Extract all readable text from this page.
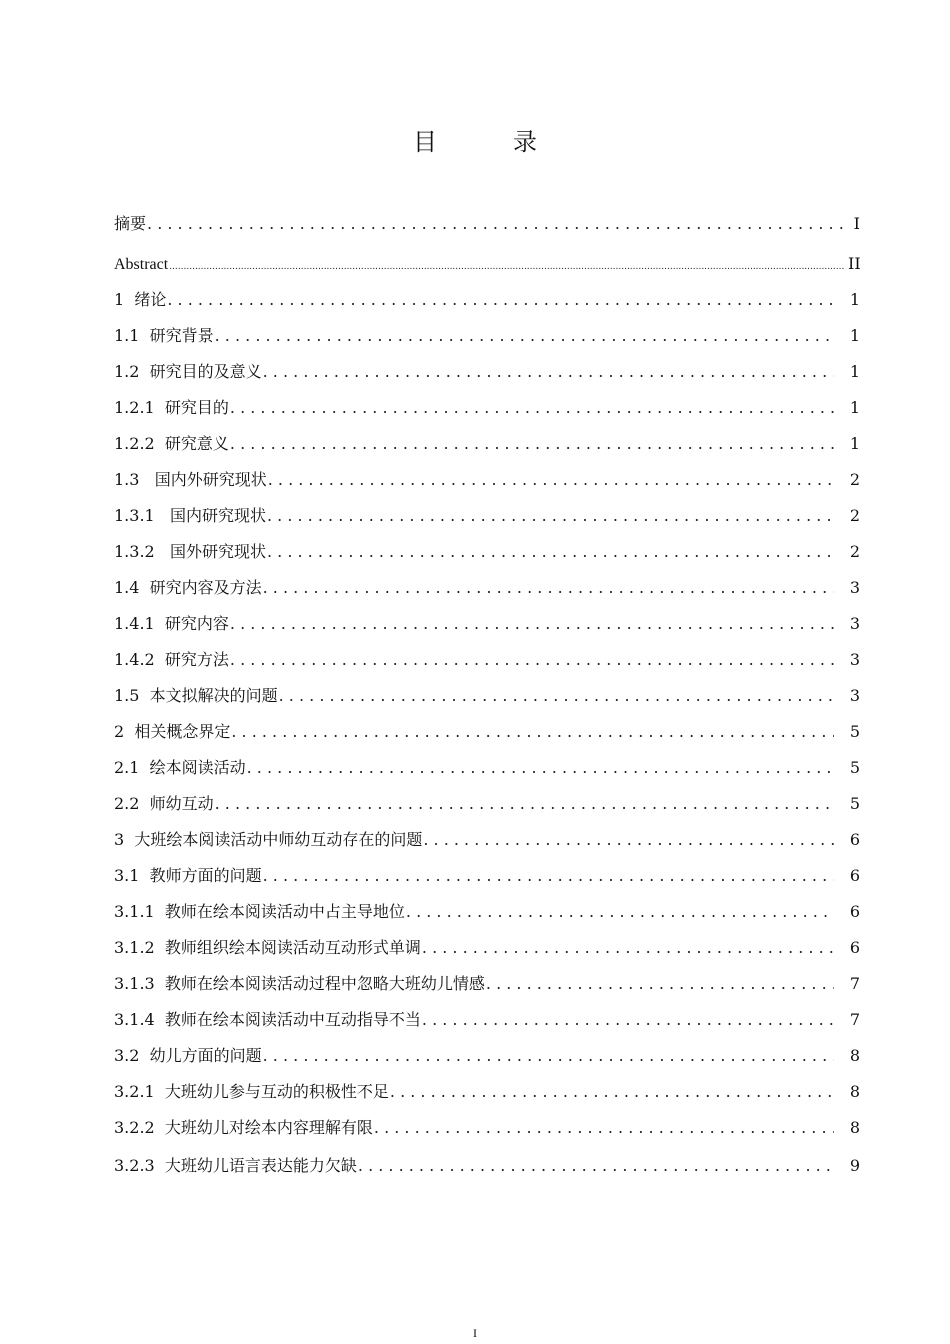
目　录
摘要 . . .	I
Abstract .....	II
1  绪论 . . .	1
1.1  研究背景 . . .	1
1.2  研究目的及意义 . . .	1
1.2.1  研究目的 . . .	1
1.2.2  研究意义 . . .	1
1.3   国内外研究现状 . . .	2
1.3.1   国内研究现状 . . .	2
1.3.2   国外研究现状 . . .	2
1.4  研究内容及方法 . . .	3
1.4.1  研究内容 . . .	3
1.4.2  研究方法 . . .	3
1.5  本文拟解决的问题 . . .	3
2  相关概念界定 . . .	5
2.1  绘本阅读活动 . . .	5
2.2  师幼互动 . . .	5
3  大班绘本阅读活动中师幼互动存在的问题 . . .	6
3.1  教师方面的问题 . . .	6
3.1.1  教师在绘本阅读活动中占主导地位 . . .	6
3.1.2  教师组织绘本阅读活动互动形式单调 . . .	6
3.1.3  教师在绘本阅读活动过程中忽略大班幼儿情感 . . .	7
3.1.4  教师在绘本阅读活动中互动指导不当 . . .	7
3.2  幼儿方面的问题 . . .	8
3.2.1  大班幼儿参与互动的积极性不足 . . .	8
3.2.2  大班幼儿对绘本内容理解有限 . . .	8
3.2.3  大班幼儿语言表达能力欠缺 . . .	9
I
